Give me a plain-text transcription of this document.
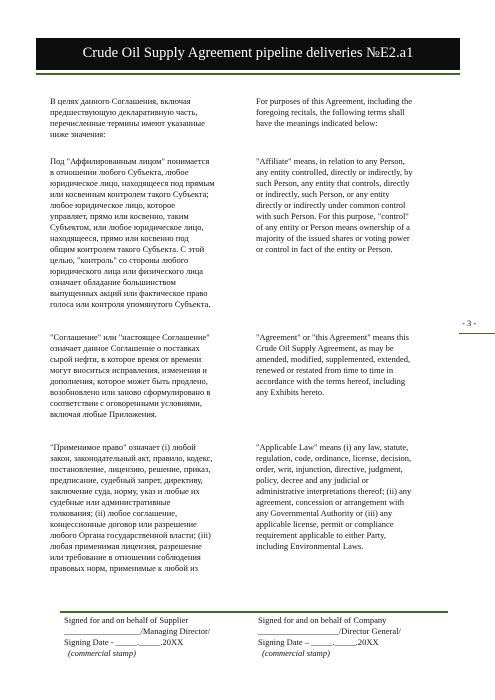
Crude Oil Supply Agreement pipeline deliveries №E2.a1
В целях данного Соглашения, включая
предшествующую декларативную часть,
перечисленные термины имеют указанные
ниже значения:
For purposes of this Agreement, including the
foregoing recitals, the following terms shall
have the meanings indicated below:
Под "Аффилированным лицом" понимается
в отношении любого Субъекта, любое
юридическое лицо, находящееся под прямым
или косвенным контролем такого Субъекта;
любое юридическое лицо, которое
управляет, прямо или косвенно, таким
Субъектом, или любое юридическое лицо,
находящееся, прямо или косвенно под
общим контролем такого Субъекта. С этой
целью, "контроль" со стороны любого
юридического лица или физического лица
означает обладание большинством
выпущенных акций или фактическое право
голоса или контроля упомянутого Субъекта.
"Affiliate" means, in relation to any Person,
any entity controlled, directly or indirectly, by
such Person, any entity that controls, directly
or indirectly, such Person, or any entity
directly or indirectly under common control
with such Person. For this purpose, "control"
of any entity or Person means ownership of a
majority of the issued shares or voting power
or control in fact of the entity or Person.
"Соглашение" или "настоящее Соглашение"
означает данное Соглашение о поставках
сырой нефти, в которое время от времени
могут вноситься исправления, изменения и
дополнения, которое может быть продлено,
возобновлено или заново сформулировано в
соответствии с оговоренными условиями,
включая любые Приложения.
"Agreement" or "this Agreement" means this
Crude Oil Supply Agreement, as may be
amended, modified, supplemented, extended,
renewed or restated from time to time in
accordance with the terms hereof, including
any Exhibits hereto.
"Применимое право" означает (i) любой
закон, законодательный акт, правило, кодекс,
постановление, лицензию, решение, приказ,
предписание, судебный запрет, директиву,
заключение суда, норму, указ и любые их
судебные или административные
толкования; (ii) любое соглашение,
концессионные договор или разрешение
любого Органа государственной власти; (iii)
любая применимая лицензия, разрешение
или требование в отношении соблюдения
правовых норм, применимые к любой из
"Applicable Law" means (i) any law, statute,
regulation, code, ordinance, license, decision,
order, writ, injunction, directive, judgment,
policy, decree and any judicial or
administrative interpretations thereof; (ii) any
agreement, concession or arrangement with
any Governmental Authority or (iii) any
applicable license, permit or compliance
requirement applicable to either Party,
including Environmental Laws.
- 3 -
Signed for and on behalf of Supplier
__________________/Managing Director/
Signing Date - _____._____.20XX
(commercial stamp)
Signed for and on behalf of Company
___________________/Director General/
Signing Date – _____._____.20XX
(commercial stamp)
